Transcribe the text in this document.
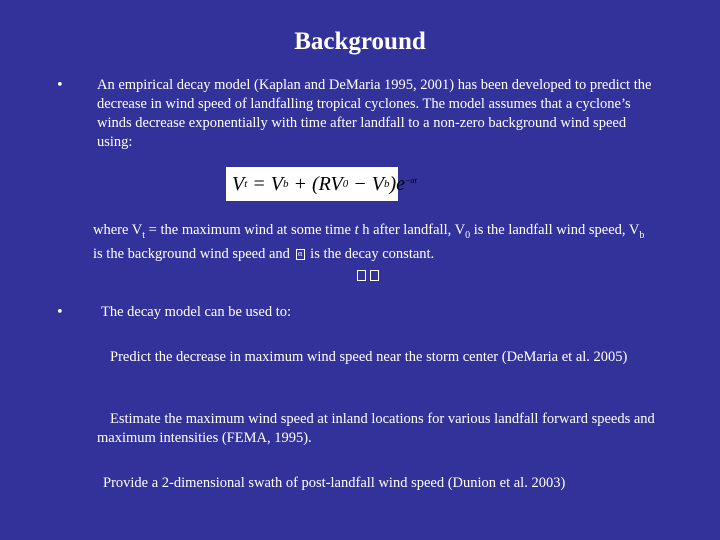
Background
• An empirical decay model (Kaplan and DeMaria 1995, 2001) has been developed to predict the decrease in wind speed of landfalling tropical cyclones. The model assumes that a cyclone’s winds decrease exponentially with time after landfall to a non-zero background wind speed using:
V t
= V b
+ (RV 0
− V b )$e^{-\alpha t}$
where $V_t$ = the maximum wind at some time t h after landfall, $V_0$ is the landfall wind speed, $V_b$ is the background wind speed and α is the decay constant.
•	The decay model can be used to:
Predict the decrease in maximum wind speed near the storm center (DeMaria et al. 2005)
Estimate the maximum wind speed at inland locations for various landfall forward speeds and maximum intensities (FEMA, 1995).
Provide a 2-dimensional swath of post-landfall wind speed (Dunion et al. 2003)
